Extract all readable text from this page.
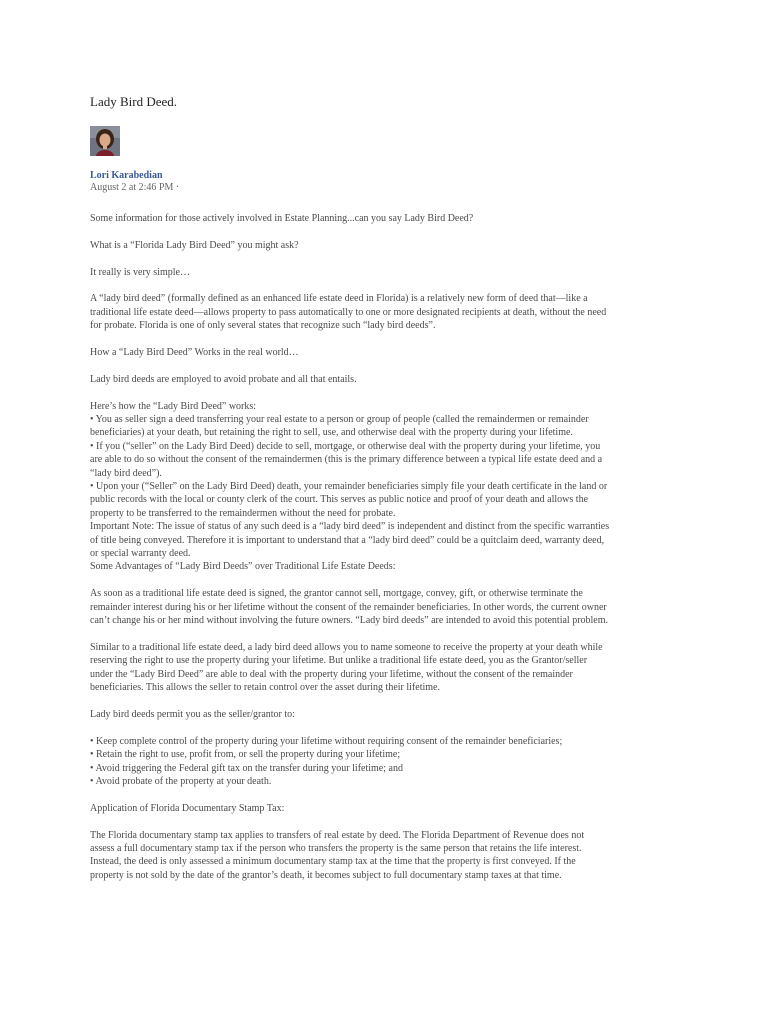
Lady Bird Deed.
Lori Karabedian
August 2 at 2:46 PM ·
Some information for those actively involved in Estate Planning...can you say Lady Bird Deed?
What is a “Florida Lady Bird Deed” you might ask?
It really is very simple…
A “lady bird deed” (formally defined as an enhanced life estate deed in Florida) is a relatively new form of deed that—like a
traditional life estate deed—allows property to pass automatically to one or more designated recipients at death, without the need
for probate. Florida is one of only several states that recognize such “lady bird deeds”.
How a “Lady Bird Deed” Works in the real world…
Lady bird deeds are employed to avoid probate and all that entails.
Here’s how the “Lady Bird Deed” works:
• You as seller sign a deed transferring your real estate to a person or group of people (called the remaindermen or remainder
beneficiaries) at your death, but retaining the right to sell, use, and otherwise deal with the property during your lifetime.
• If you (“seller” on the Lady Bird Deed) decide to sell, mortgage, or otherwise deal with the property during your lifetime, you
are able to do so without the consent of the remaindermen (this is the primary difference between a typical life estate deed and a
“lady bird deed”).
• Upon your (“Seller” on the Lady Bird Deed) death, your remainder beneficiaries simply file your death certificate in the land or
public records with the local or county clerk of the court. This serves as public notice and proof of your death and allows the
property to be transferred to the remaindermen without the need for probate.
Important Note: The issue of status of any such deed is a “lady bird deed” is independent and distinct from the specific warranties
of title being conveyed. Therefore it is important to understand that a “lady bird deed” could be a quitclaim deed, warranty deed,
or special warranty deed.
Some Advantages of “Lady Bird Deeds” over Traditional Life Estate Deeds:
As soon as a traditional life estate deed is signed, the grantor cannot sell, mortgage, convey, gift, or otherwise terminate the
remainder interest during his or her lifetime without the consent of the remainder beneficiaries. In other words, the current owner
can’t change his or her mind without involving the future owners. “Lady bird deeds” are intended to avoid this potential problem.
Similar to a traditional life estate deed, a lady bird deed allows you to name someone to receive the property at your death while
reserving the right to use the property during your lifetime. But unlike a traditional life estate deed, you as the Grantor/seller
under the “Lady Bird Deed” are able to deal with the property during your lifetime, without the consent of the remainder
beneficiaries. This allows the seller to retain control over the asset during their lifetime.
Lady bird deeds permit you as the seller/grantor to:
• Keep complete control of the property during your lifetime without requiring consent of the remainder beneficiaries;
• Retain the right to use, profit from, or sell the property during your lifetime;
• Avoid triggering the Federal gift tax on the transfer during your lifetime; and
• Avoid probate of the property at your death.
Application of Florida Documentary Stamp Tax:
The Florida documentary stamp tax applies to transfers of real estate by deed. The Florida Department of Revenue does not
assess a full documentary stamp tax if the person who transfers the property is the same person that retains the life interest.
Instead, the deed is only assessed a minimum documentary stamp tax at the time that the property is first conveyed. If the
property is not sold by the date of the grantor’s death, it becomes subject to full documentary stamp taxes at that time.
